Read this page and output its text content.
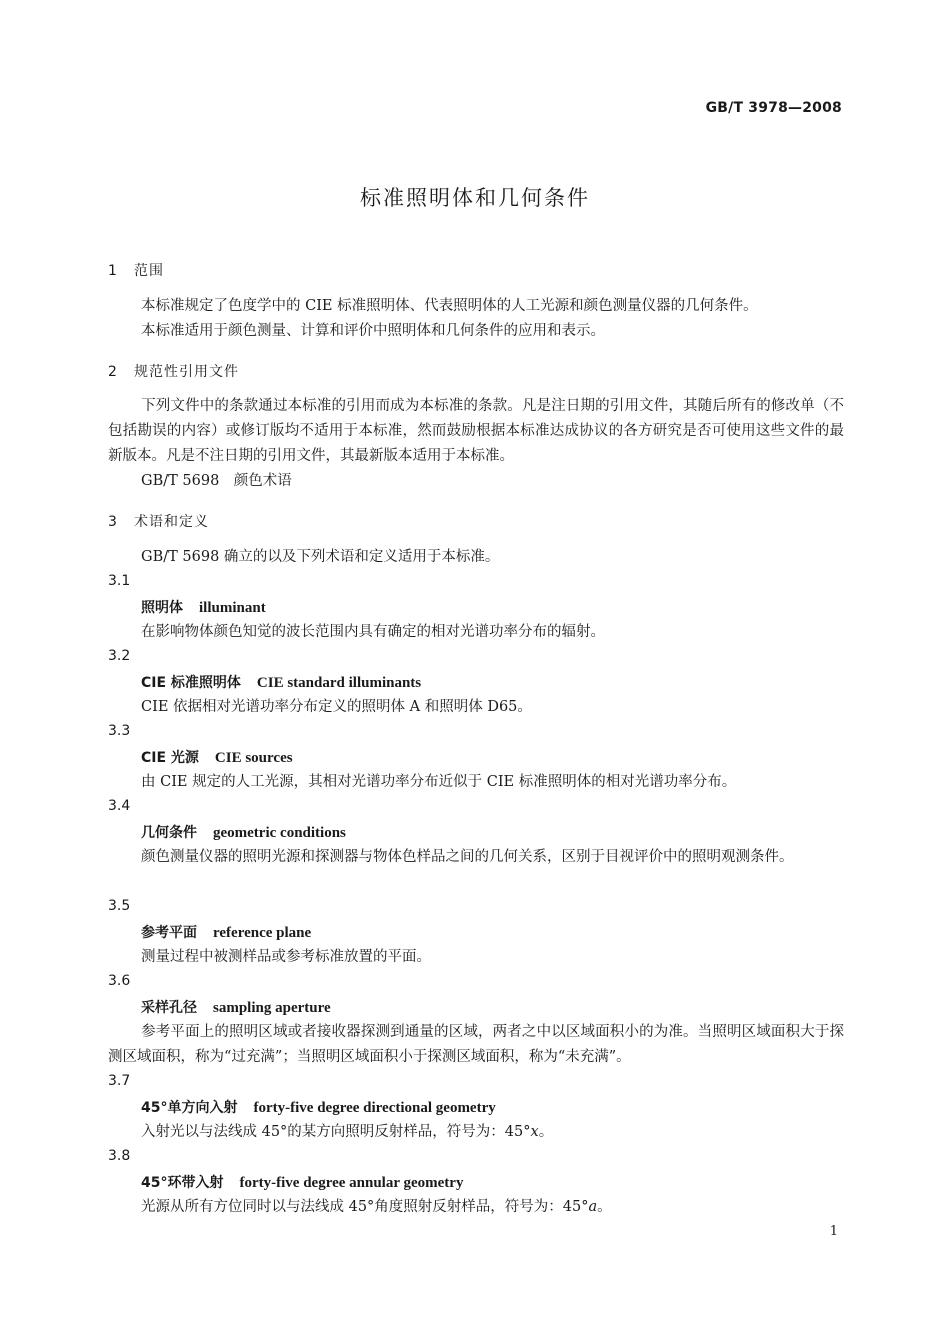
GB/T 3978—2008
标准照明体和几何条件
1 范围
本标准规定了色度学中的 CIE 标准照明体、代表照明体的人工光源和颜色测量仪器的几何条件。
本标准适用于颜色测量、计算和评价中照明体和几何条件的应用和表示。
2 规范性引用文件
下列文件中的条款通过本标准的引用而成为本标准的条款。凡是注日期的引用文件，其随后所有的修改单（不包括勘误的内容）或修订版均不适用于本标准，然而鼓励根据本标准达成协议的各方研究是否可使用这些文件的最新版本。凡是不注日期的引用文件，其最新版本适用于本标准。
GB/T 5698　颜色术语
3 术语和定义
GB/T 5698 确立的以及下列术语和定义适用于本标准。
3.1
照明体 illuminant
在影响物体颜色知觉的波长范围内具有确定的相对光谱功率分布的辐射。
3.2
CIE 标准照明体 CIE standard illuminants
CIE 依据相对光谱功率分布定义的照明体 A 和照明体 D65。
3.3
CIE 光源 CIE sources
由 CIE 规定的人工光源，其相对光谱功率分布近似于 CIE 标准照明体的相对光谱功率分布。
3.4
几何条件 geometric conditions
颜色测量仪器的照明光源和探测器与物体色样品之间的几何关系，区别于目视评价中的照明观测条件。
3.5
参考平面 reference plane
测量过程中被测样品或参考标准放置的平面。
3.6
采样孔径 sampling aperture
参考平面上的照明区域或者接收器探测到通量的区域，两者之中以区域面积小的为准。当照明区域面积大于探测区域面积，称为“过充满”；当照明区域面积小于探测区域面积，称为“未充满”。
3.7
45°单方向入射 forty-five degree directional geometry
入射光以与法线成 45°的某方向照明反射样品，符号为：45°x。
3.8
45°环带入射 forty-five degree annular geometry
光源从所有方位同时以与法线成 45°角度照射反射样品，符号为：45°a。
1
